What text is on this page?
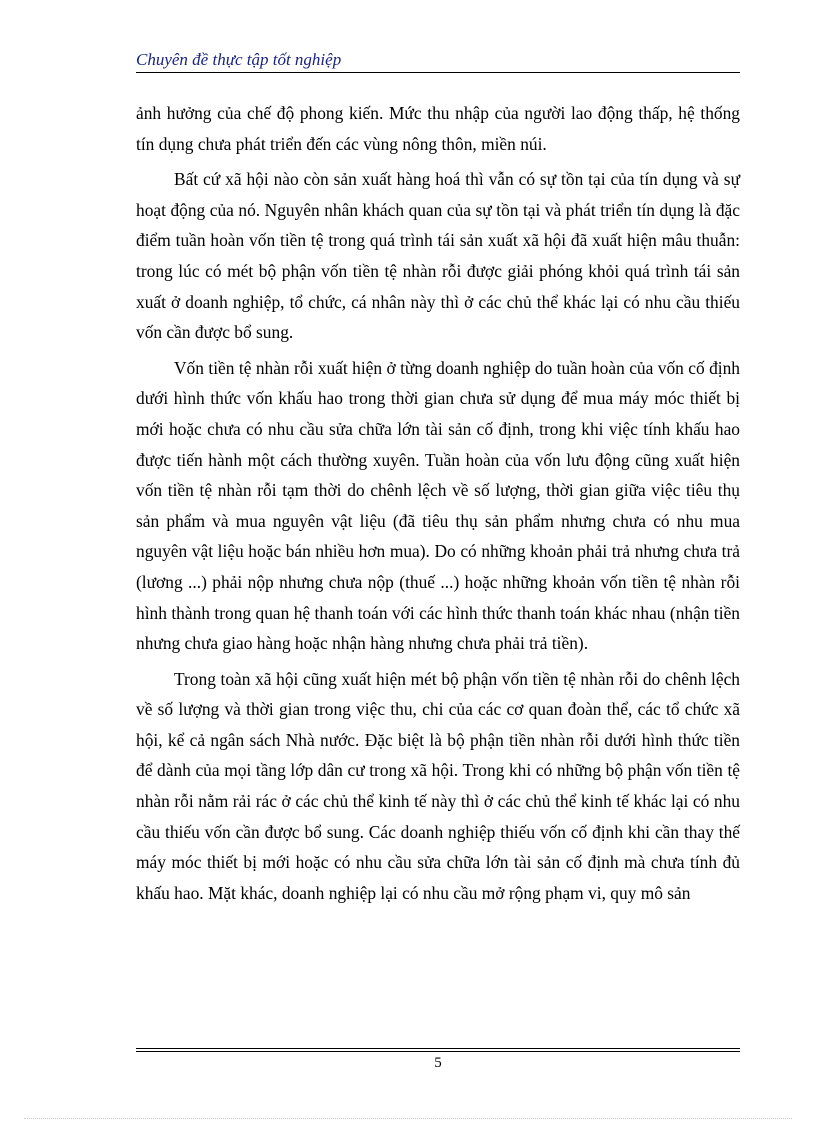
Chuyên đề thực tập tốt nghiệp

ảnh hưởng của chế độ phong kiến. Mức thu nhập của người lao động thấp, hệ thống tín dụng chưa phát triển đến các vùng nông thôn, miền núi.

Bất cứ xã hội nào còn sản xuất hàng hoá thì vẫn có sự tồn tại của tín dụng và sự hoạt động của nó. Nguyên nhân khách quan của sự tồn tại và phát triển tín dụng là đặc điểm tuần hoàn vốn tiền tệ trong quá trình tái sản xuất xã hội đã xuất hiện mâu thuẫn: trong lúc có mét bộ phận vốn tiền tệ nhàn rỗi được giải phóng khỏi quá trình tái sản xuất ở doanh nghiệp, tổ chức, cá nhân này thì ở các chủ thể khác lại có nhu cầu thiếu vốn cần được bổ sung.

Vốn tiền tệ nhàn rỗi xuất hiện ở từng doanh nghiệp do tuần hoàn của vốn cố định dưới hình thức vốn khấu hao trong thời gian chưa sử dụng để mua máy móc thiết bị mới hoặc chưa có nhu cầu sửa chữa lớn tài sản cố định, trong khi việc tính khấu hao được tiến hành một cách thường xuyên. Tuần hoàn của vốn lưu động cũng xuất hiện vốn tiền tệ nhàn rỗi tạm thời do chênh lệch về số lượng, thời gian giữa việc tiêu thụ sản phẩm và mua nguyên vật liệu (đã tiêu thụ sản phẩm nhưng chưa có nhu mua nguyên vật liệu hoặc bán nhiều hơn mua). Do có những khoản phải trả nhưng chưa trả (lương ...) phải nộp nhưng chưa nộp (thuế ...) hoặc những khoản vốn tiền tệ nhàn rỗi hình thành trong quan hệ thanh toán với các hình thức thanh toán khác nhau (nhận tiền nhưng chưa giao hàng hoặc nhận hàng nhưng chưa phải trả tiền).

Trong toàn xã hội cũng xuất hiện mét bộ phận vốn tiền tệ nhàn rỗi do chênh lệch về số lượng và thời gian trong việc thu, chi của các cơ quan đoàn thể, các tổ chức xã hội, kể cả ngân sách Nhà nước. Đặc biệt là bộ phận tiền nhàn rỗi dưới hình thức tiền để dành của mọi tầng lớp dân cư trong xã hội. Trong khi có những bộ phận vốn tiền tệ nhàn rỗi nằm rải rác ở các chủ thể kinh tế này thì ở các chủ thể kinh tế khác lại có nhu cầu thiếu vốn cần được bổ sung. Các doanh nghiệp thiếu vốn cố định khi cần thay thế máy móc thiết bị mới hoặc có nhu cầu sửa chữa lớn tài sản cố định mà chưa tính đủ khấu hao. Mặt khác, doanh nghiệp lại có nhu cầu mở rộng phạm vi, quy mô sản

5
